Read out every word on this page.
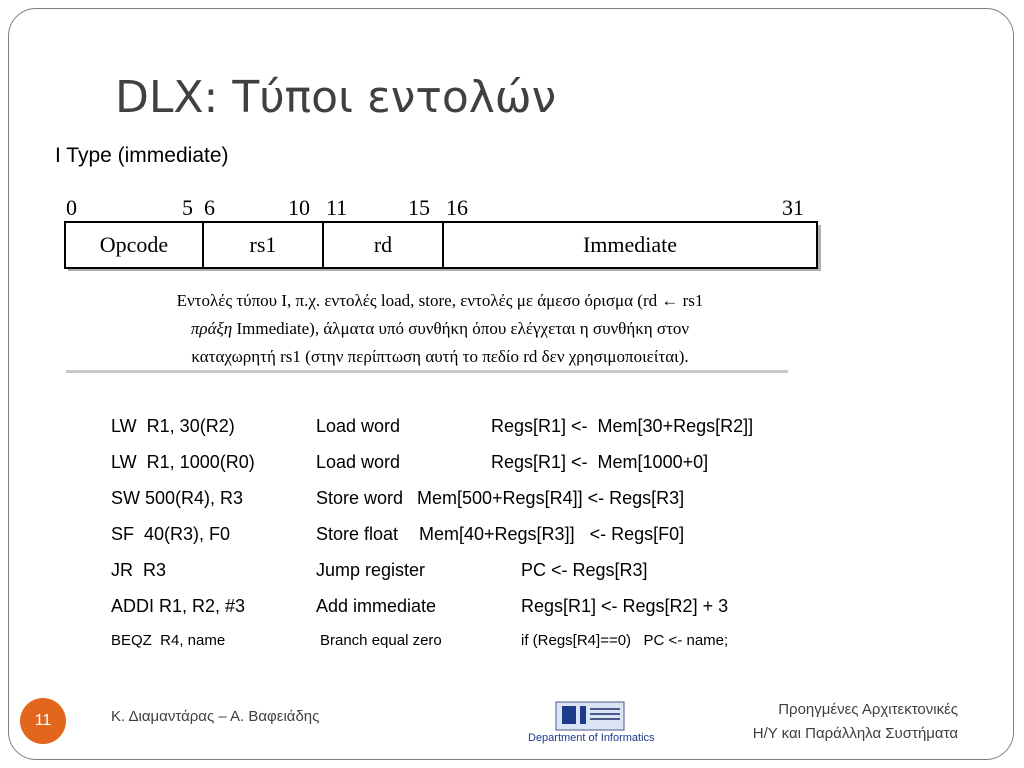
DLX: Τύποι εντολών
I Type (immediate)
0	5 6	10 11	15 16	31
Opcode	rs1	rd	Immediate
Εντολές τύπου I, π.χ. εντολές load, store, εντολές με άμεσο όρισμα (rd ← rs1
πράξη Immediate), άλματα υπό συνθήκη όπου ελέγχεται η συνθήκη στον
καταχωρητή rs1 (στην περίπτωση αυτή το πεδίο rd δεν χρησιμοποιείται).
LW  R1, 30(R2)	Load word	Regs[R1] <-  Mem[30+Regs[R2]]
LW  R1, 1000(R0)	Load word	Regs[R1] <-  Mem[1000+0]
SW 500(R4), R3	Store word Mem[500+Regs[R4]] <- Regs[R3]
SF  40(R3), F0	Store float Mem[40+Regs[R3]]   <- Regs[F0]
JR  R3	Jump register	PC <- Regs[R3]
ADDI R1, R2, #3	Add immediate	Regs[R1] <- Regs[R2] + 3
BEQZ  R4, name	Branch equal zero	if (Regs[R4]==0)   PC <- name;
11	Κ. Διαμαντάρας – Α. Βαφειάδης
Department of Informatics
Προηγμένες Αρχιτεκτονικές
Η/Υ και Παράλληλα Συστήματα
